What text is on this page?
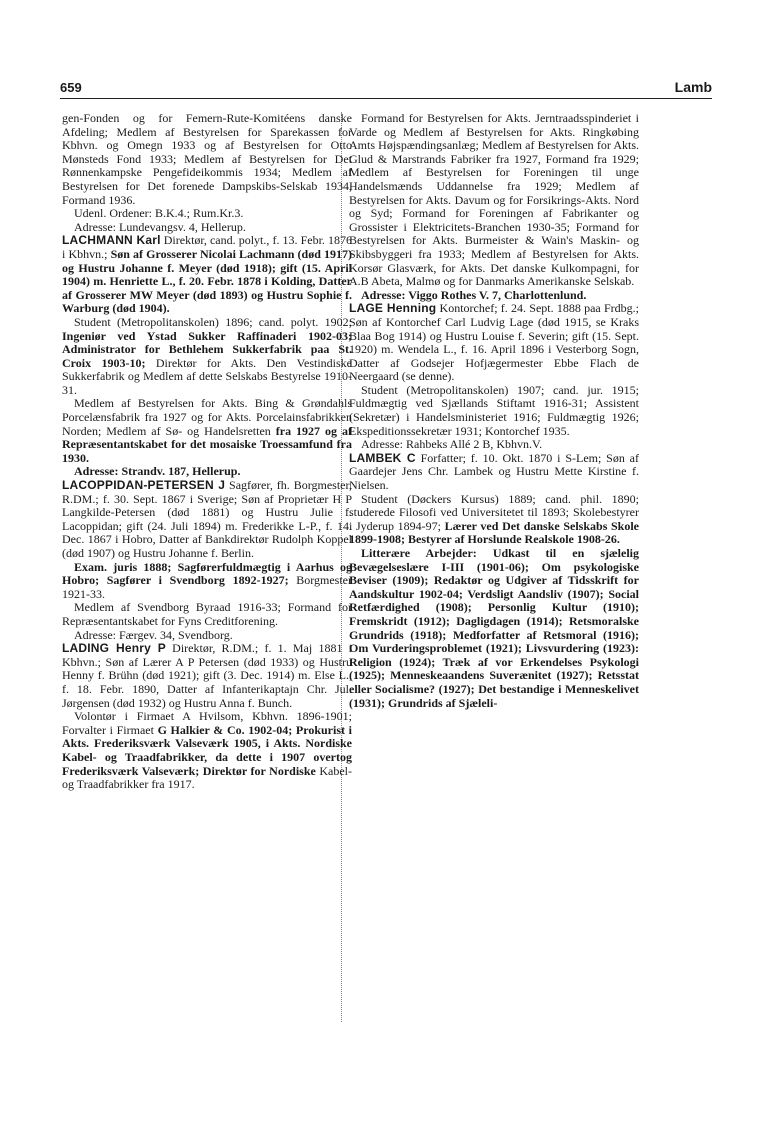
659	Lamb

gen-Fonden og for Femern-Rute-Komitéens danske Afdeling; Medlem af Bestyrelsen for Sparekassen for Kbhvn. og Omegn 1933 og af Bestyrelsen for Otto Mønsteds Fond 1933; Medlem af Bestyrelsen for Det Rønnenkampske Pengefideikommis 1934; Medlem af Bestyrelsen for Det forenede Dampskibs-Selskab 1934, Formand 1936.

Udenl. Ordener: B.K.4.; Rum.Kr.3.

Adresse: Lundevangsv. 4, Hellerup.

LACHMANN Karl Direktør, cand. polyt., f. 13. Febr. 1876 i Kbhvn.; Søn af Grosserer Nicolai Lachmann (død 1917) og Hustru Johanne f. Meyer (død 1918); gift (15. April 1904) m. Henriette L., f. 20. Febr. 1878 i Kolding, Datter af Grosserer MW Meyer (død 1893) og Hustru Sophie f. Warburg (død 1904).

Student (Metropolitanskolen) 1896; cand. polyt. 1902; Ingeniør ved Ystad Sukker Raffinaderi 1902-03; Administrator for Bethlehem Sukkerfabrik paa St. Croix 1903-10; Direktør for Akts. Den Vestindiske Sukkerfabrik og Medlem af dette Selskabs Bestyrelse 1910-31.

Medlem af Bestyrelsen for Akts. Bing & Grøndahls Porcelænsfabrik fra 1927 og for Akts. Porcelainsfabrikken Norden; Medlem af Sø- og Handelsretten fra 1927 og af Repræsentantskabet for det mosaiske Troessamfund fra 1930.

Adresse: Strandv. 187, Hellerup.

LACOPPIDAN-PETERSEN J Sagfører, fh. Borgmester, R.DM.; f. 30. Sept. 1867 i Sverige; Søn af Proprietær H P Langkilde-Petersen (død 1881) og Hustru Julie f. Lacoppidan; gift (24. Juli 1894) m. Frederikke L-P., f. 14. Dec. 1867 i Hobro, Datter af Bankdirektør Rudolph Koppel (død 1907) og Hustru Johanne f. Berlin.

Exam. juris 1888; Sagførerfuldmægtig i Aarhus og Hobro; Sagfører i Svendborg 1892-1927; Borgmester 1921-33.

Medlem af Svendborg Byraad 1916-33; Formand for Repræsentantskabet for Fyns Creditforening.

Adresse: Færgev. 34, Svendborg.

LADING Henry P Direktør, R.DM.; f. 1. Maj 1881 i Kbhvn.; Søn af Lærer A P Petersen (død 1933) og Hustru Henny f. Brühn (død 1921); gift (3. Dec. 1914) m. Else L., f. 18. Febr. 1890, Datter af Infanterikaptajn Chr. Jul. Jørgensen (død 1932) og Hustru Anna f. Bunch.

Volontør i Firmaet A Hvilsom, Kbhvn. 1896-1901; Forvalter i Firmaet G Halkier & Co. 1902-04; Prokurist i Akts. Frederiksværk Valseværk 1905, i Akts. Nordiske Kabel- og Traadfabrikker, da dette i 1907 overtog Frederiksværk Valseværk; Direktør for Nordiske Kabel- og Traadfabrikker fra 1917.

Formand for Bestyrelsen for Akts. Jerntraadsspinderiet i Varde og Medlem af Bestyrelsen for Akts. Ringkøbing Amts Højspændingsanlæg; Medlem af Bestyrelsen for Akts. Glud & Marstrands Fabriker fra 1927, Formand fra 1929; Medlem af Bestyrelsen for Foreningen til unge Handelsmænds Uddannelse fra 1929; Medlem af Bestyrelsen for Akts. Davum og for Forsikrings-Akts. Nord og Syd; Formand for Foreningen af Fabrikanter og Grossister i Elektricitets-Branchen 1930-35; Formand for Bestyrelsen for Akts. Burmeister & Wain's Maskin- og Skibsbyggeri fra 1933; Medlem af Bestyrelsen for Akts. Korsør Glasværk, for Akts. Det danske Kulkompagni, for A.B Abeta, Malmø og for Danmarks Amerikanske Selskab.

Adresse: Viggo Rothes V. 7, Charlottenlund.

LAGE Henning Kontorchef; f. 24. Sept. 1888 paa Frdbg.; Søn af Kontorchef Carl Ludvig Lage (død 1915, se Kraks Blaa Bog 1914) og Hustru Louise f. Severin; gift (15. Sept. 1920) m. Wendela L., f. 16. April 1896 i Vesterborg Sogn, Datter af Godsejer Hofjægermester Ebbe Flach de Neergaard (se denne).

Student (Metropolitanskolen) 1907; cand. jur. 1915; Fuldmægtig ved Sjællands Stiftamt 1916-31; Assistent (Sekretær) i Handelsministeriet 1916; Fuldmægtig 1926; Ekspeditionssekretær 1931; Kontorchef 1935.

Adresse: Rahbeks Allé 2 B, Kbhvn.V.

LAMBEK C Forfatter; f. 10. Okt. 1870 i S-Lem; Søn af Gaardejer Jens Chr. Lambek og Hustru Mette Kirstine f. Nielsen.

Student (Døckers Kursus) 1889; cand. phil. 1890; studerede Filosofi ved Universitetet til 1893; Skolebestyrer i Jyderup 1894-97; Lærer ved Det danske Selskabs Skole 1899-1908; Bestyrer af Horslunde Realskole 1908-26.

Litterære Arbejder: Udkast til en sjælelig Bevægelseslære I-III (1901-06); Om psykologiske Beviser (1909); Redaktør og Udgiver af Tidsskrift for Aandskultur 1902-04; Verdsligt Aandsliv (1907); Social Retfærdighed (1908); Personlig Kultur (1910); Fremskridt (1912); Dagligdagen (1914); Retsmoralske Grundrids (1918); Medforfatter af Retsmoral (1916); Om Vurderingsproblemet (1921); Livsvurdering (1923): Religion (1924); Træk af vor Erkendelses Psykologi (1925); Menneskeaandens Suverænitet (1927); Retsstat eller Socialisme? (1927); Det bestandige i Menneskelivet (1931); Grundrids af Sjæleli-
